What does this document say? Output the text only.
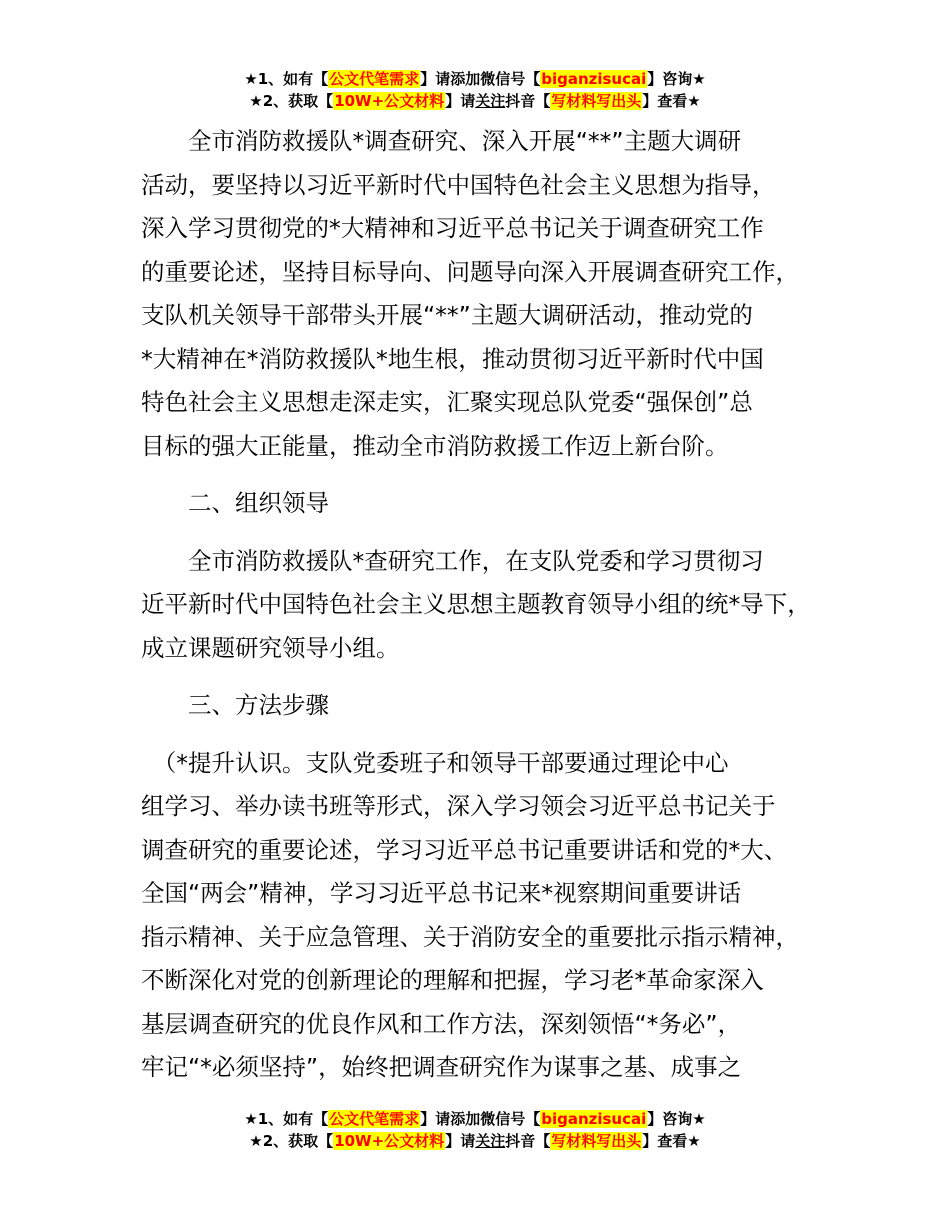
★1、如有【公文代笔需求】请添加微信号【biganzisucai】咨询★
★2、获取【10W+公文材料】请关注抖音【写材料写出头】查看★

　　全市消防救援队*调查研究、深入开展“**”主题大调研

活动，要坚持以习近平新时代中国特色社会主义思想为指导，

深入学习贯彻党的*大精神和习近平总书记关于调查研究工作

的重要论述，坚持目标导向、问题导向深入开展调查研究工作，

支队机关领导干部带头开展“**”主题大调研活动，推动党的

*大精神在*消防救援队*地生根，推动贯彻习近平新时代中国

特色社会主义思想走深走实，汇聚实现总队党委“强保创”总

目标的强大正能量，推动全市消防救援工作迈上新台阶。

二、组织领导

　　全市消防救援队*查研究工作，在支队党委和学习贯彻习

近平新时代中国特色社会主义思想主题教育领导小组的统*导下，

成立课题研究领导小组。

三、方法步骤

　（*提升认识。支队党委班子和领导干部要通过理论中心

组学习、举办读书班等形式，深入学习领会习近平总书记关于

调查研究的重要论述，学习习近平总书记重要讲话和党的*大、

全国“两会”精神，学习习近平总书记来*视察期间重要讲话

指示精神、关于应急管理、关于消防安全的重要批示指示精神，

不断深化对党的创新理论的理解和把握，学习老*革命家深入

基层调查研究的优良作风和工作方法，深刻领悟“*务必”，

牢记“*必须坚持”，始终把调查研究作为谋事之基、成事之

★1、如有【公文代笔需求】请添加微信号【biganzisucai】咨询★
★2、获取【10W+公文材料】请关注抖音【写材料写出头】查看★
